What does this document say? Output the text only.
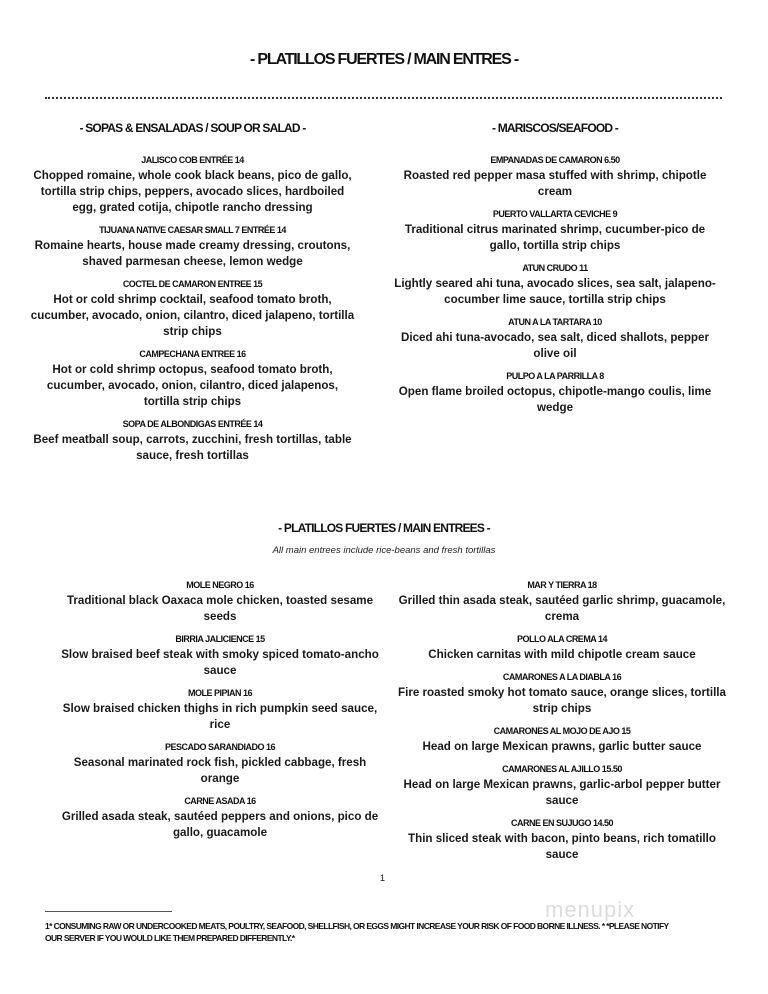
- PLATILLOS FUERTES / MAIN ENTRES -
- SOPAS & ENSALADAS / SOUP OR SALAD -
JALISCO COB ENTRÉE 14
Chopped romaine, whole cook black beans, pico de gallo, tortilla strip chips, peppers, avocado slices, hardboiled egg, grated cotija, chipotle rancho dressing
TIJUANA NATIVE CAESAR SMALL 7 ENTRÉE 14
Romaine hearts, house made creamy dressing, croutons, shaved parmesan cheese, lemon wedge
COCTEL DE CAMARON ENTREE 15
Hot or cold shrimp cocktail, seafood tomato broth, cucumber, avocado, onion, cilantro, diced jalapeno, tortilla strip chips
CAMPECHANA ENTREE 16
Hot or cold shrimp octopus, seafood tomato broth, cucumber, avocado, onion, cilantro, diced jalapenos, tortilla strip chips
SOPA DE ALBONDIGAS ENTRÉE 14
Beef meatball soup, carrots, zucchini, fresh tortillas, table sauce, fresh tortillas
- MARISCOS/SEAFOOD -
EMPANADAS DE CAMARON 6.50
Roasted red pepper masa stuffed with shrimp, chipotle cream
PUERTO VALLARTA CEVICHE 9
Traditional citrus marinated shrimp, cucumber-pico de gallo, tortilla strip chips
ATUN CRUDO 11
Lightly seared ahi tuna, avocado slices, sea salt, jalapeno-cocumber lime sauce, tortilla strip chips
ATUN A LA TARTARA 10
Diced ahi tuna-avocado, sea salt, diced shallots, pepper olive oil
PULPO A LA PARRILLA 8
Open flame broiled octopus, chipotle-mango coulis, lime wedge
- PLATILLOS FUERTES / MAIN ENTREES -
All main entrees include rice-beans and fresh tortillas
MOLE NEGRO 16
Traditional black Oaxaca mole chicken, toasted sesame seeds
BIRRIA JALICIENCE 15
Slow braised beef steak with smoky spiced tomato-ancho sauce
MOLE PIPIAN 16
Slow braised chicken thighs in rich pumpkin seed sauce, rice
PESCADO SARANDIADO 16
Seasonal marinated rock fish, pickled cabbage, fresh orange
CARNE ASADA 16
Grilled asada steak, sautéed peppers and onions, pico de gallo, guacamole
MAR Y TIERRA 18
Grilled thin asada steak, sautéed garlic shrimp, guacamole, crema
POLLO ALA CREMA 14
Chicken carnitas with mild chipotle cream sauce
CAMARONES A LA DIABLA 16
Fire roasted smoky hot tomato sauce, orange slices, tortilla strip chips
CAMARONES AL MOJO DE AJO 15
Head on large Mexican prawns, garlic butter sauce
CAMARONES AL AJILLO 15.50
Head on large Mexican prawns, garlic-arbol pepper butter sauce
CARNE EN SUJUGO 14.50
Thin sliced steak with bacon, pinto beans, rich tomatillo sauce
1
menupix
1* CONSUMING RAW OR UNDERCOOKED MEATS, POULTRY, SEAFOOD, SHELLFISH, OR EGGS MIGHT INCREASE YOUR RISK OF FOOD BORNE ILLNESS. * *PLEASE NOTIFY
OUR SERVER IF YOU WOULD LIKE THEM PREPARED DIFFERENTLY.*
